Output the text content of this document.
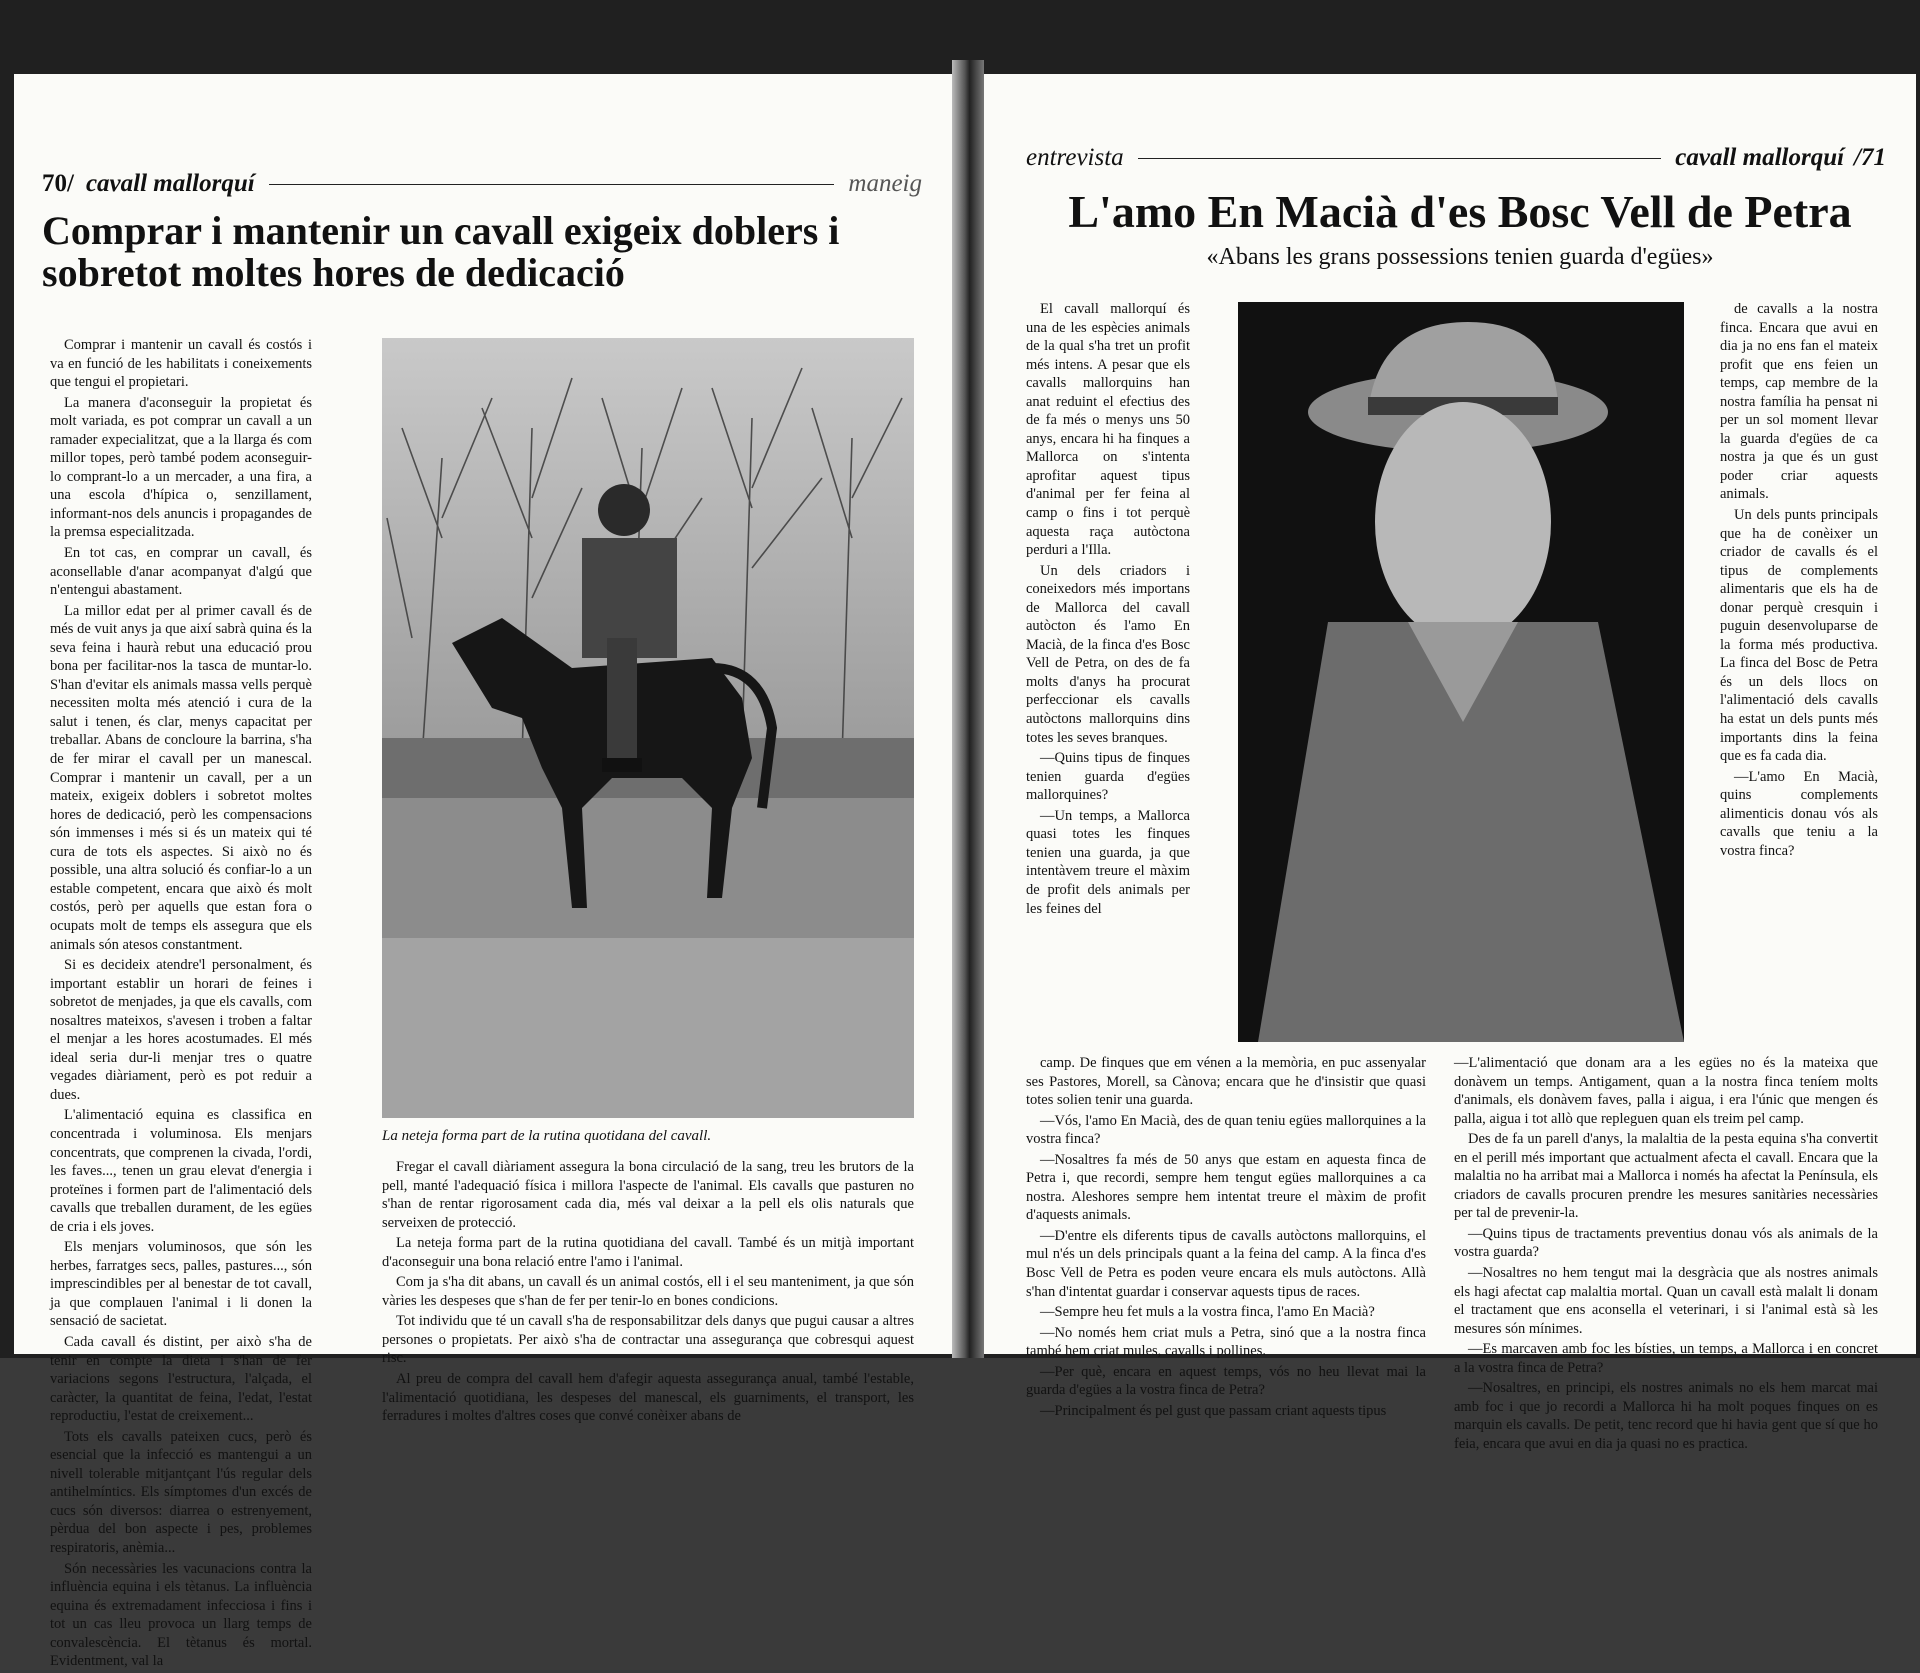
70/ cavall mallorquí	maneig
Comprar i mantenir un cavall exigeix doblers i sobretot moltes hores de dedicació

Comprar i mantenir un cavall és costós i va en funció de les habilitats i coneixements que tengui el propietari.

La manera d'aconseguir la propietat és molt variada, es pot comprar un cavall a un ramader expecialitzat, que a la llarga és com millor topes, però també podem aconseguir-lo comprant-lo a un mercader, a una fira, a una escola d'hípica o, senzillament, informant-nos dels anuncis i propagandes de la premsa especialitzada.

En tot cas, en comprar un cavall, és aconsellable d'anar acompanyat d'algú que n'entengui abastament.

La millor edat per al primer cavall és de més de vuit anys ja que així sabrà quina és la seva feina i haurà rebut una educació prou bona per facilitar-nos la tasca de muntar-lo. S'han d'evitar els animals massa vells perquè necessiten molta més atenció i cura de la salut i tenen, és clar, menys capacitat per treballar. Abans de concloure la barrina, s'ha de fer mirar el cavall per un manescal. Comprar i mantenir un cavall, per a un mateix, exigeix doblers i sobretot moltes hores de dedicació, però les compensacions són immenses i més si és un mateix qui té cura de tots els aspectes. Si això no és possible, una altra solució és confiar-lo a un estable competent, encara que això és molt costós, però per aquells que estan fora o ocupats molt de temps els assegura que els animals són atesos constantment.

Si es decideix atendre'l personalment, és important establir un horari de feines i sobretot de menjades, ja que els cavalls, com nosaltres mateixos, s'avesen i troben a faltar el menjar a les hores acostumades. El més ideal seria dur-li menjar tres o quatre vegades diàriament, però es pot reduir a dues.

L'alimentació equina es classifica en concentrada i voluminosa. Els menjars concentrats, que comprenen la civada, l'ordi, les faves..., tenen un grau elevat d'energia i proteïnes i formen part de l'alimentació dels cavalls que treballen durament, de les egües de cria i els joves.

Els menjars voluminosos, que són les herbes, farratges secs, palles, pastures..., són imprescindibles per al benestar de tot cavall, ja que complauen l'animal i li donen la sensació de sacietat.

Cada cavall és distint, per això s'ha de tenir en compte la dieta i s'han de fer variacions segons l'estructura, l'alçada, el caràcter, la quantitat de feina, l'edat, l'estat reproductiu, l'estat de creixement...

Tots els cavalls pateixen cucs, però és esencial que la infecció es mantengui a un nivell tolerable mitjantçant l'ús regular dels antihelmíntics. Els símptomes d'un excés de cucs són diversos: diarrea o estrenyement, pèrdua del bon aspecte i pes, problemes respiratoris, anèmia...

Són necessàries les vacunacions contra la influència equina i els tètanus. La influència equina és extremadament infecciosa i fins i tot un cas lleu provoca un llarg temps de convalescència. El tètanus és mortal. Evidentment, val la

La neteja forma part de la rutina quotidana del cavall.

Fregar el cavall diàriament assegura la bona circulació de la sang, treu les brutors de la pell, manté l'adequació física i millora l'aspecte de l'animal. Els cavalls que pasturen no s'han de rentar rigorosament cada dia, més val deixar a la pell els olis naturals que serveixen de protecció.

La neteja forma part de la rutina quotidiana del cavall. També és un mitjà important d'aconseguir una bona relació entre l'amo i l'animal.

Com ja s'ha dit abans, un cavall és un animal costós, ell i el seu manteniment, ja que són vàries les despeses que s'han de fer per tenir-lo en bones condicions.

Tot individu que té un cavall s'ha de responsabilitzar dels danys que pugui causar a altres persones o propietats. Per això s'ha de contractar una assegurança que cobresqui aquest risc.

Al preu de compra del cavall hem d'afegir aquesta assegurança anual, també l'estable, l'alimentació quotidiana, les despeses del manescal, els guarniments, el transport, les ferradures i moltes d'altres coses que convé conèixer abans de

entrevista	cavall mallorquí /71
L'amo En Macià d'es Bosc Vell de Petra
«Abans les grans possessions tenien guarda d'egües»

El cavall mallorquí és una de les espècies animals de la qual s'ha tret un profit més intens. A pesar que els cavalls mallorquins han anat reduint el efectius des de fa més o menys uns 50 anys, encara hi ha finques a Mallorca on s'intenta aprofitar aquest tipus d'animal per fer feina al camp o fins i tot perquè aquesta raça autòctona perduri a l'Illa.

Un dels criadors i coneixedors més importans de Mallorca del cavall autòcton és l'amo En Macià, de la finca d'es Bosc Vell de Petra, on des de fa molts d'anys ha procurat perfeccionar els cavalls autòctons mallorquins dins totes les seves branques.

—Quins tipus de finques tenien guarda d'egües mallorquines?

—Un temps, a Mallorca quasi totes les finques tenien una guarda, ja que intentàvem treure el màxim de profit dels animals per les feines del

de cavalls a la nostra finca. Encara que avui en dia ja no ens fan el mateix profit que ens feien un temps, cap membre de la nostra família ha pensat ni per un sol moment llevar la guarda d'egües de ca nostra ja que és un gust poder criar aquests animals.

Un dels punts principals que ha de conèixer un criador de cavalls és el tipus de complements alimentaris que els ha de donar perquè cresquin i puguin desenvoluparse de la forma més productiva. La finca del Bosc de Petra és un dels llocs on l'alimentació dels cavalls ha estat un dels punts més importants dins la feina que es fa cada dia.

—L'amo En Macià, quins complements alimenticis donau vós als cavalls que teniu a la vostra finca?

camp. De finques que em vénen a la memòria, en puc assenyalar ses Pastores, Morell, sa Cànova; encara que he d'insistir que quasi totes solien tenir una guarda.

—Vós, l'amo En Macià, des de quan teniu egües mallorquines a la vostra finca?

—Nosaltres fa més de 50 anys que estam en aquesta finca de Petra i, que recordi, sempre hem tengut egües mallorquines a ca nostra. Aleshores sempre hem intentat treure el màxim de profit d'aquests animals.

—D'entre els diferents tipus de cavalls autòctons mallorquins, el mul n'és un dels principals quant a la feina del camp. A la finca d'es Bosc Vell de Petra es poden veure encara els muls autòctons. Allà s'han d'intentat guardar i conservar aquests tipus de races.

—Sempre heu fet muls a la vostra finca, l'amo En Macià?

—No només hem criat muls a Petra, sinó que a la nostra finca també hem criat mules, cavalls i pollines.

—Per què, encara en aquest temps, vós no heu llevat mai la guarda d'egües a la vostra finca de Petra?

—Principalment és pel gust que passam criant aquests tipus

—L'alimentació que donam ara a les egües no és la mateixa que donàvem un temps. Antigament, quan a la nostra finca teníem molts d'animals, els donàvem faves, palla i aigua, i era l'únic que mengen és palla, aigua i tot allò que repleguen quan els treim pel camp.

Des de fa un parell d'anys, la malaltia de la pesta equina s'ha convertit en el perill més important que actualment afecta el cavall. Encara que la malaltia no ha arribat mai a Mallorca i només ha afectat la Península, els criadors de cavalls procuren prendre les mesures sanitàries necessàries per tal de prevenir-la.

—Quins tipus de tractaments preventius donau vós als animals de la vostra guarda?

—Nosaltres no hem tengut mai la desgràcia que als nostres animals els hagi afectat cap malaltia mortal. Quan un cavall està malalt li donam el tractament que ens aconsella el veterinari, i si l'animal està sà les mesures són mínimes.

—Es marcaven amb foc les bísties, un temps, a Mallorca i en concret a la vostra finca de Petra?

—Nosaltres, en principi, els nostres animals no els hem marcat mai amb foc i que jo recordi a Mallorca hi ha molt poques finques on es marquin els cavalls. De petit, tenc record que hi havia gent que sí que ho feia, encara que avui en dia ja quasi no es practica.
